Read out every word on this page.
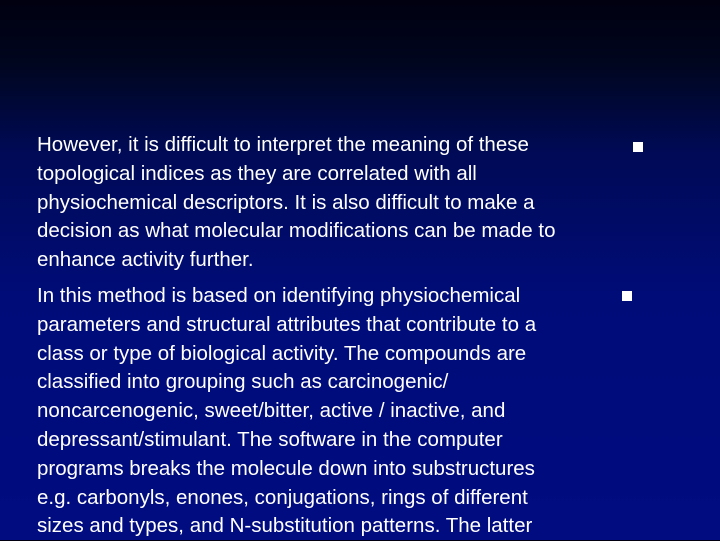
However, it is difficult to interpret the meaning of these
topological indices as they are correlated with all
physiochemical descriptors. It is also difficult to make a
decision as what molecular modifications can be made to
enhance activity further.

In this method is based on identifying physiochemical
parameters and structural attributes that contribute to a
class or type of biological activity. The compounds are
classified into grouping such as carcinogenic/
noncarcenogenic, sweet/bitter, active / inactive, and
depressant/stimulant. The software in the computer
programs breaks the molecule down into substructures
e.g. carbonyls, enones, conjugations, rings of different
sizes and types, and N-substitution patterns. The latter
